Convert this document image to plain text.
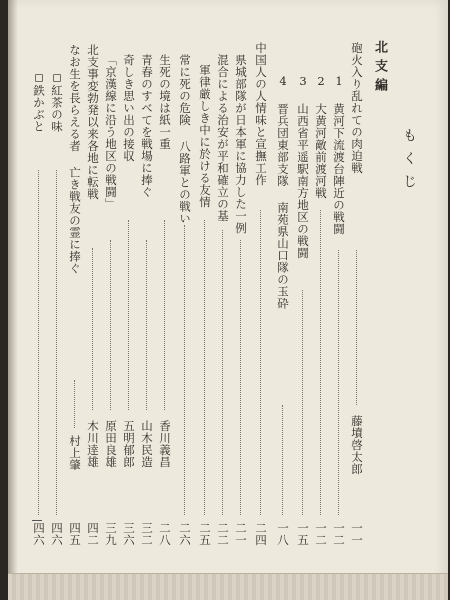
もくじ
北支編
砲火入り乱れての肉迫戦
藤墳啓太郎
一一
1 黄河下流渡台陣近の戦闘
一二
2 大黄河敵前渡河戦
一二
3 山西省平遥駅南方地区の戦闘
一五
4 晋兵団東部支隊 南苑県山口隊の玉砕
一八
中国人の人情味と宣撫工作
二四
県城部隊が日本軍に協力した一例
二一
混合による治安が平和確立の基
二二
軍律厳しき中に於ける友情
二五
常に死の危険 八路軍との戦い
二六
生死の境は紙一重
香川義昌
二八
青春のすべてを戦場に捧ぐ
山木民造
三二
奇しき思い出の接収
五明郁郎
三六
「京漢線に沿う地区の戦闘」
原田良雄
三九
北支事変勃発以来各地に転戦
木川逹雄
四二
なお生を長らえる者 亡き戦友の霊に捧ぐ
村上肇
四五
◻紅茶の味
四六
◻鉄かぶと
四六
